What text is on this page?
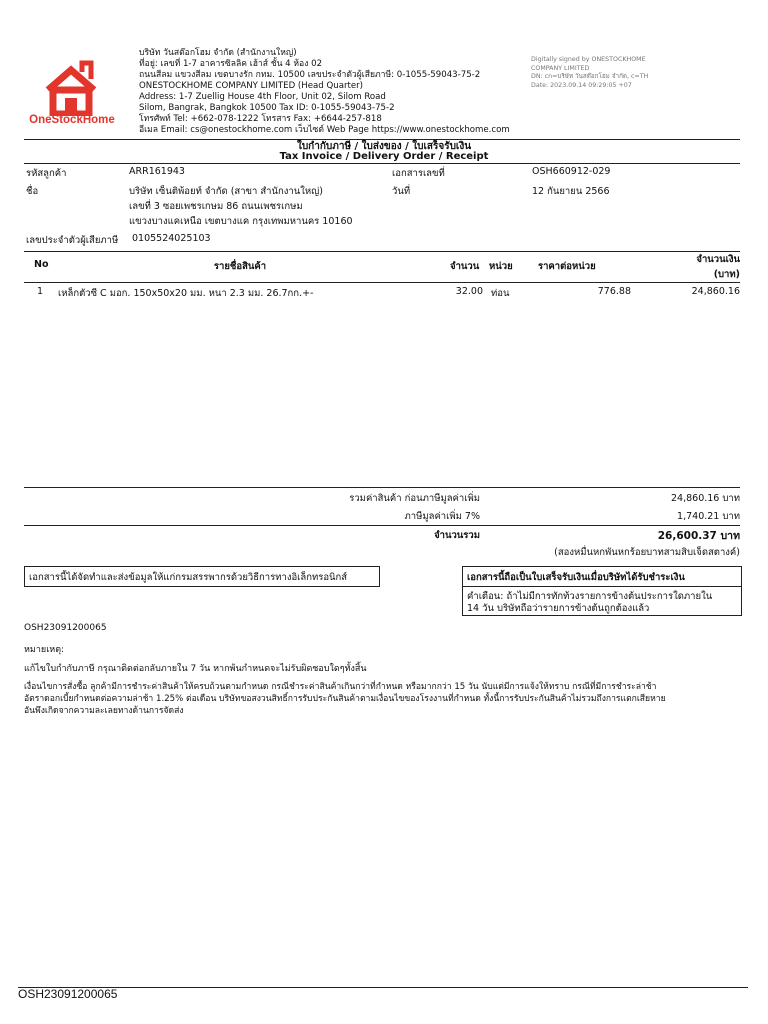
OneStockHome
บริษัท วันสต๊อกโฮม จำกัด (สำนักงานใหญ่)
ที่อยู่: เลขที่ 1-7 อาคารซิลลิค เฮ้าส์ ชั้น 4 ห้อง 02
ถนนสีลม แขวงสีลม เขตบางรัก กทม. 10500 เลขประจำตัวผู้เสียภาษี: 0-1055-59043-75-2
ONESTOCKHOME COMPANY LIMITED (Head Quarter)
Address: 1-7 Zuellig House 4th Floor, Unit 02, Silom Road
Silom, Bangrak, Bangkok 10500 Tax ID: 0-1055-59043-75-2
โทรศัพท์ Tel: +662-078-1222 โทรสาร Fax: +6644-257-818
อีเมล Email: cs@onestockhome.com เว็บไซต์ Web Page https://www.onestockhome.com
Digitally signed by ONESTOCKHOME
COMPANY LIMITED
DN: cn=บริษัท วันสต๊อกโฮม จำกัด, c=TH
Date: 2023.09.14 09:29:05 +07
ใบกำกับภาษี / ใบส่งของ / ใบเสร็จรับเงิน
Tax Invoice / Delivery Order / Receipt
รหัสลูกค้า	ARR161943
ชื่อ	บริษัท เซ็นติพ้อยท์ จำกัด (สาขา สำนักงานใหญ่)
เลขที่ 3 ซอยเพชรเกษม 86 ถนนเพชรเกษม
แขวงบางแคเหนือ เขตบางแค กรุงเทพมหานคร 10160
เลขประจำตัวผู้เสียภาษี 0105524025103
เอกสารเลขที่	OSH660912-029
วันที่	12 กันยายน 2566
No	รายชื่อสินค้า	จำนวน หน่วย	ราคาต่อหน่วย
จำนวนเงิน
(บาท)
1 เหล็กตัวซี C มอก. 150x50x20 มม. หนา 2.3 มม. 26.7กก.+-	32.00 ท่อน	776.88	24,860.16
รวมค่าสินค้า ก่อนภาษีมูลค่าเพิ่ม	24,860.16 บาท
ภาษีมูลค่าเพิ่ม 7%	1,740.21 บาท
จำนวนรวม	26,600.37 บาท
(สองหมื่นหกพันหกร้อยบาทสามสิบเจ็ดสตางค์)
เอกสารนี้ได้จัดทำและส่งข้อมูลให้แก่กรมสรรพากรด้วยวิธีการทางอิเล็กทรอนิกส์	เอกสารนี้ถือเป็นใบเสร็จรับเงินเมื่อบริษัทได้รับชำระเงิน
คำเตือน: ถ้าไม่มีการทักท้วงรายการข้างต้นประการใดภายใน
14 วัน บริษัทถือว่ารายการข้างต้นถูกต้องแล้ว
OSH23091200065
หมายเหตุ:
แก้ไขใบกำกับภาษี กรุณาติดต่อกลับภายใน 7 วัน หากพ้นกำหนดจะไม่รับผิดชอบใดๆทั้งสิ้น
เงื่อนไขการสั่งซื้อ ลูกค้ามีการชำระค่าสินค้าให้ครบถ้วนตามกำหนด กรณีชำระค่าสินค้าเกินกว่าที่กำหนด หรือมากกว่า 15 วัน นับแต่มีการแจ้งให้ทราบ กรณีที่มีการชำระล่าช้า
อัตราดอกเบี้ยกำหนดต่อความล่าช้า 1.25% ต่อเดือน บริษัทขอสงวนสิทธิ์การรับประกันสินค้าตามเงื่อนไขของโรงงานที่กำหนด ทั้งนี้การรับประกันสินค้าไม่รวมถึงการแตกเสียหาย
อันพึงเกิดจากความละเลยทางด้านการจัดส่ง
OSH23091200065
